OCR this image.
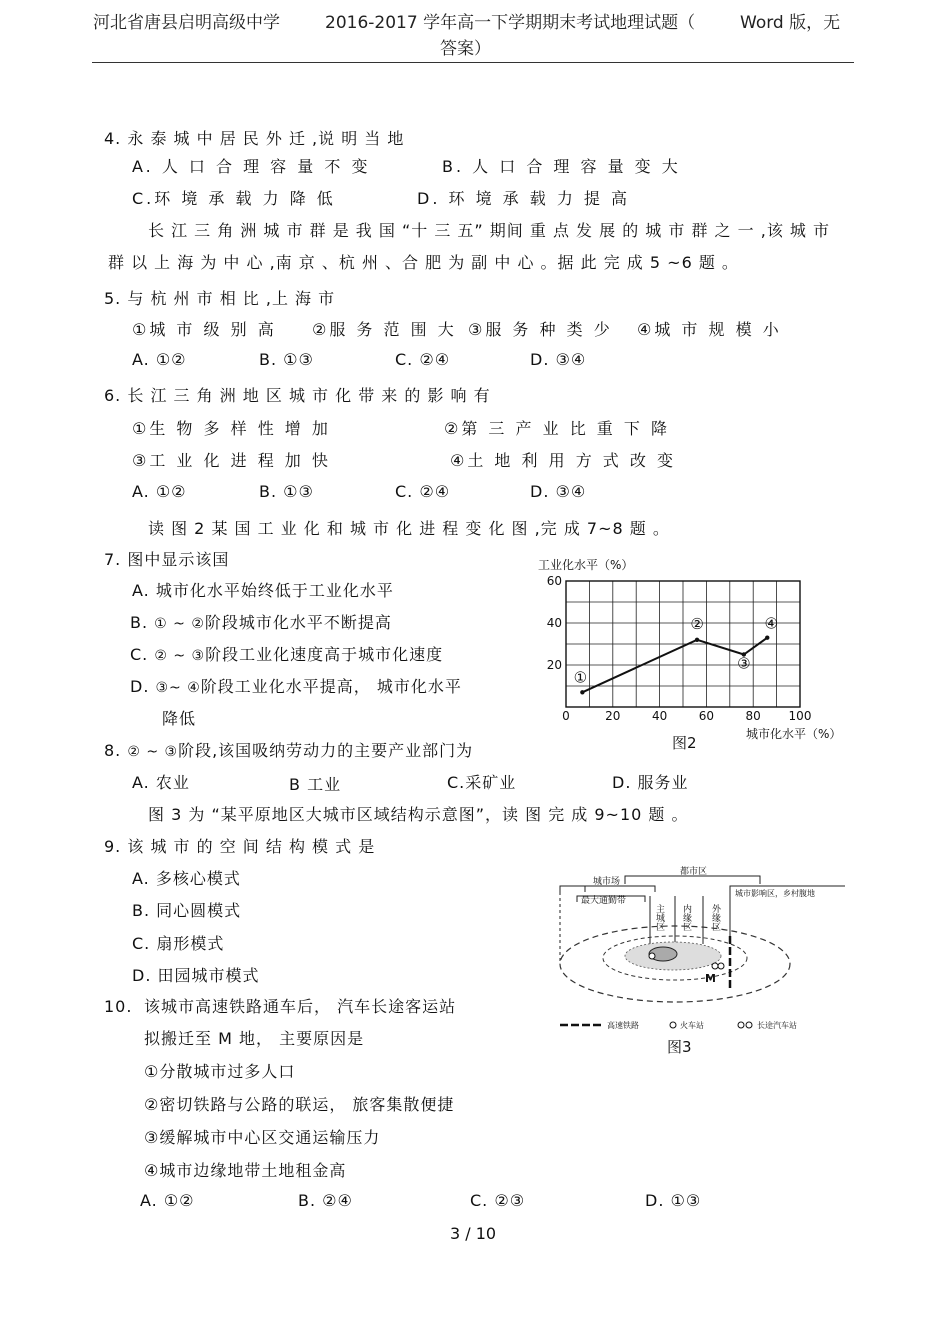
河北省唐县启明高级中学	2016-2017 学年高一下学期期末考试地理试题（	Word 版，无
答案）
4. 永 泰 城 中 居 民 外 迁 ,说 明 当 地
A. 人 口 合 理 容 量 不 变	B. 人 口 合 理 容 量 变 大
C.环 境 承 载 力 降 低	D. 环 境 承 载 力 提 高
长 江 三 角 洲 城 市 群 是 我 国 “十 三 五” 期间 重 点 发 展 的 城 市 群 之 一 ,该 城 市
群 以 上 海 为 中 心 ,南 京 、杭 州 、合 肥 为 副 中 心 。据 此 完 成 5 ~6 题 。
5. 与 杭 州 市 相 比 ,上 海 市
①城 市 级 别 高 ②服 务 范 围 大 ③服 务 种 类 少 ④城 市 规 模 小
A. ①②	B. ①③	C. ②④	D. ③④
6. 长 江 三 角 洲 地 区 城 市 化 带 来 的 影 响 有
①生 物 多 样 性 增 加	②第 三 产 业 比 重 下 降
③工 业 化 进 程 加 快	④土 地 利 用 方 式 改 变
A. ①②	B. ①③	C. ②④	D. ③④
读 图 2 某 国 工 业 化 和 城 市 化 进 程 变 化 图 ,完 成 7~8 题 。
7. 图中显示该国
A. 城市化水平始终低于工业化水平
B. ① ~ ②阶段城市化水平不断提高
C. ② ~ ③阶段工业化速度高于城市化速度
D. ③~ ④阶段工业化水平提高， 城市化水平
降低	0	20	40	60	80 100
20
40
60
①
②
③
④
工业化水平（%）
城市化水平（%）
图2
8. ② ~ ③阶段,该国吸纳劳动力的主要产业部门为
A. 农业	B 工业	C.采矿业	D. 服务业
图 3 为 “某平原地区大城市区域结构示意图”，读 图 完 成 9~10 题 。
9. 该 城 市 的 空 间 结 构 模 式 是
A. 多核心模式
B. 同心圆模式
C. 扇形模式
D. 田园城市模式
10. 该城市高速铁路通车后， 汽车长途客运站
拟搬迁至 M 地， 主要原因是
①分散城市过多人口
②密切铁路与公路的联运， 旅客集散便捷
③缓解城市中心区交通运输压力
④城市边缘地带土地租金高
A. ①②	B. ②④	C. ②③	D. ①③
都市区
城市场
最大通勤带
城市影响区，乡村腹地
主城区 内缘区 外缘区
M
高速铁路	火车站	长途汽车站
图3
3 / 10
